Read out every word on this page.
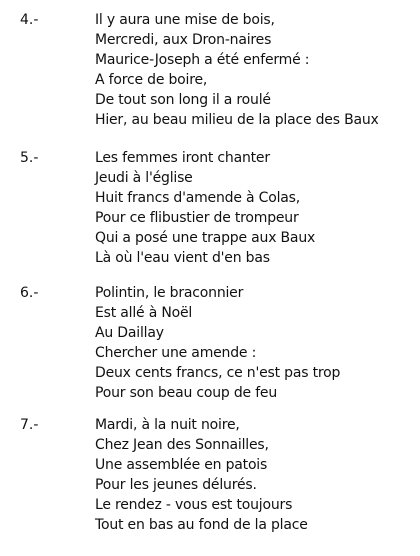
4.-	Il y aura une mise de bois,
Mercredi, aux Dron-naires
Maurice-Joseph a été enfermé :
A force de boire,
De tout son long il a roulé
Hier, au beau milieu de la place des Baux
5.-	Les femmes iront chanter
Jeudi à l'église
Huit francs d'amende à Colas,
Pour ce flibustier de trompeur
Qui a posé une trappe aux Baux
Là où l'eau vient d'en bas
6.-	Polintin, le braconnier
Est allé à Noël
Au Daillay
Chercher une amende :
Deux cents francs, ce n'est pas trop
Pour son beau coup de feu
7.-	Mardi, à la nuit noire,
Chez Jean des Sonnailles,
Une assemblée en patois
Pour les jeunes délurés.
Le rendez - vous est toujours
Tout en bas au fond de la place
